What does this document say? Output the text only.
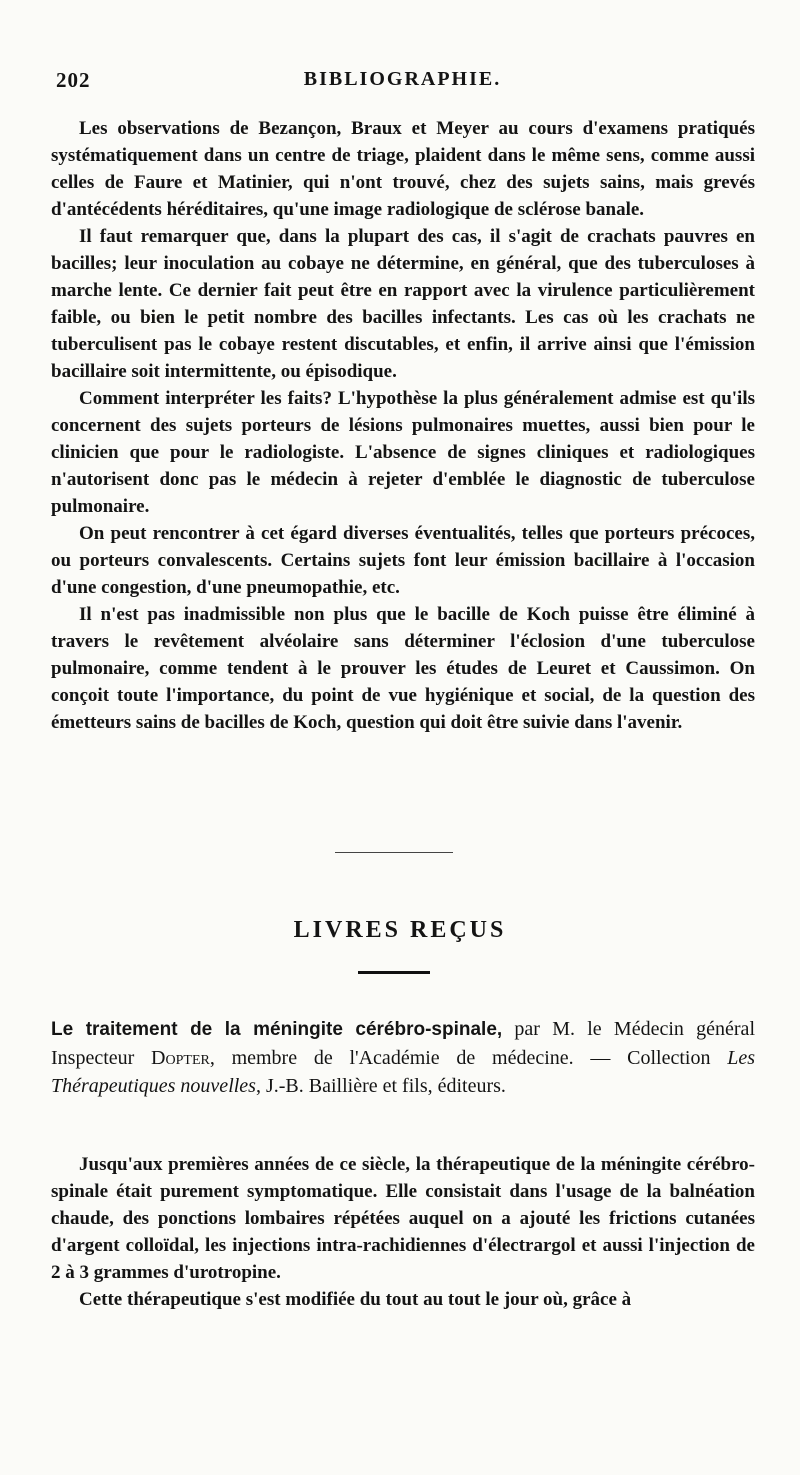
202	BIBLIOGRAPHIE.

Les observations de Bezançon, Braux et Meyer au cours d'examens pratiqués systématiquement dans un centre de triage, plaident dans le même sens, comme aussi celles de Faure et Matinier, qui n'ont trouvé, chez des sujets sains, mais grevés d'antécédents héréditaires, qu'une image radiologique de sclérose banale.

Il faut remarquer que, dans la plupart des cas, il s'agit de crachats pauvres en bacilles; leur inoculation au cobaye ne détermine, en général, que des tuberculoses à marche lente. Ce dernier fait peut être en rapport avec la virulence particulièrement faible, ou bien le petit nombre des bacilles infectants. Les cas où les crachats ne tuberculisent pas le cobaye restent discutables, et enfin, il arrive ainsi que l'émission bacillaire soit intermittente, ou épisodique.

Comment interpréter les faits? L'hypothèse la plus généralement admise est qu'ils concernent des sujets porteurs de lésions pulmonaires muettes, aussi bien pour le clinicien que pour le radiologiste. L'absence de signes cliniques et radiologiques n'autorisent donc pas le médecin à rejeter d'emblée le diagnostic de tuberculose pulmonaire.

On peut rencontrer à cet égard diverses éventualités, telles que porteurs précoces, ou porteurs convalescents. Certains sujets font leur émission bacillaire à l'occasion d'une congestion, d'une pneumopathie, etc.

Il n'est pas inadmissible non plus que le bacille de Koch puisse être éliminé à travers le revêtement alvéolaire sans déterminer l'éclosion d'une tuberculose pulmonaire, comme tendent à le prouver les études de Leuret et Caussimon. On conçoit toute l'importance, du point de vue hygiénique et social, de la question des émetteurs sains de bacilles de Koch, question qui doit être suivie dans l'avenir.

LIVRES REÇUS
Le traitement de la méningite cérébro-spinale, par M. le Médecin général Inspecteur Dopter, membre de l'Académie de médecine. — Collection Les Thérapeutiques nouvelles, J.-B. Baillière et fils, éditeurs.

Jusqu'aux premières années de ce siècle, la thérapeutique de la méningite cérébro-spinale était purement symptomatique. Elle consistait dans l'usage de la balnéation chaude, des ponctions lombaires répétées auquel on a ajouté les frictions cutanées d'argent colloïdal, les injections intra-rachidiennes d'électrargol et aussi l'injection de 2 à 3 grammes d'urotropine.

Cette thérapeutique s'est modifiée du tout au tout le jour où, grâce à
